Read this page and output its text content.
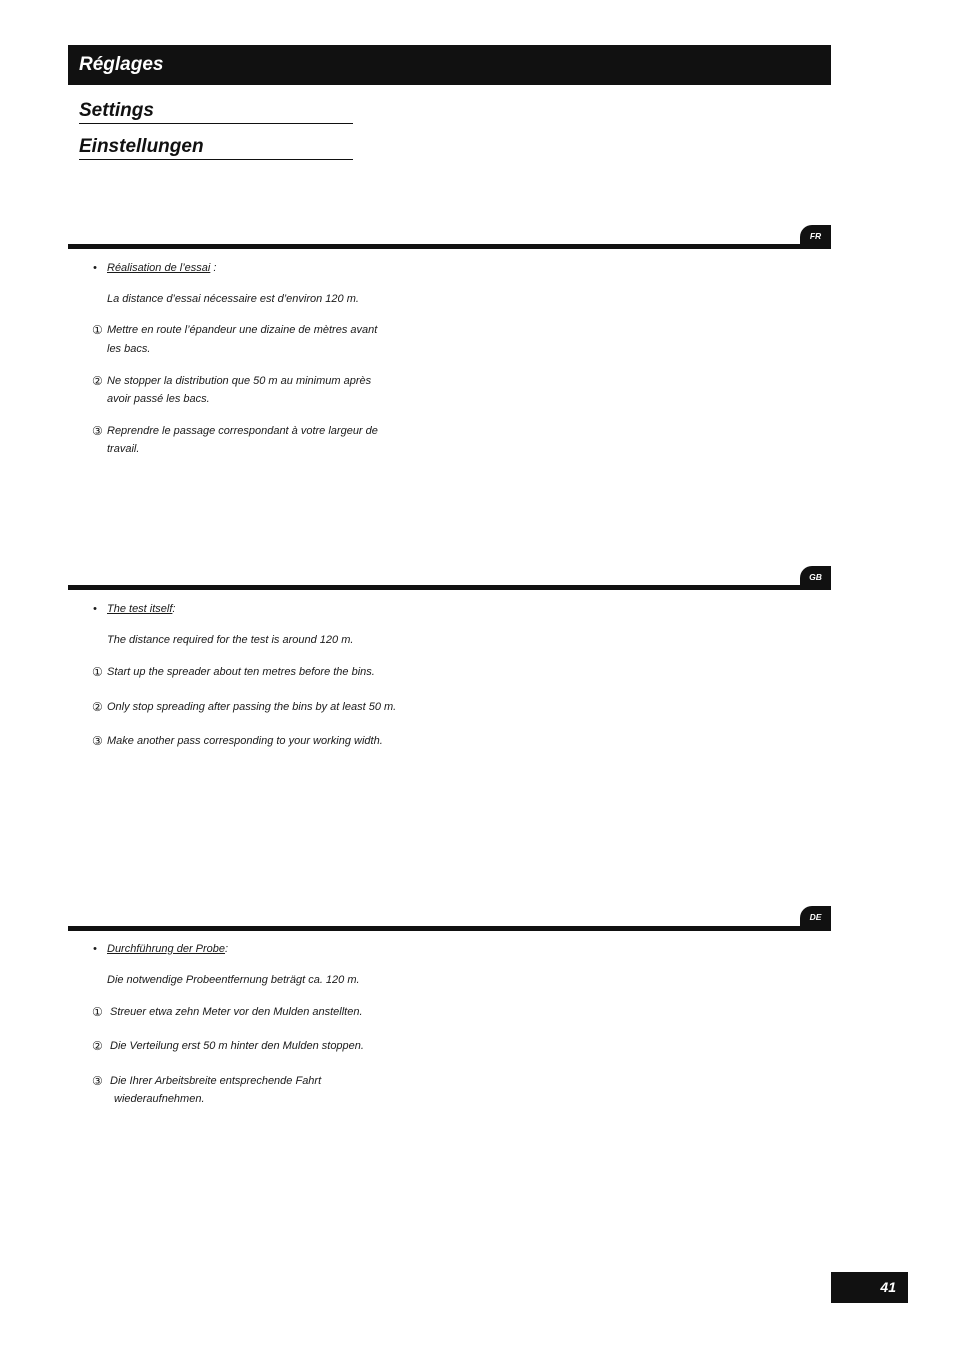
Réglages
Settings
Einstellungen
FR
• Réalisation de l’essai :
La distance d’essai nécessaire est d’environ 120 m.
① Mettre en route l’épandeur une dizaine de mètres avant
les bacs.
② Ne stopper la distribution que 50 m au minimum après
avoir passé les bacs.
③ Reprendre le passage correspondant à votre largeur de
travail.
GB
• The test itself:
The distance required for the test is around 120 m.
① Start up the spreader about ten metres before the bins.
② Only stop spreading after passing the bins by at least 50 m.
③ Make another pass corresponding to your working width.
DE
• Durchführung der Probe:
Die notwendige Probeentfernung beträgt ca. 120 m.
① Streuer etwa zehn Meter vor den Mulden anstellten.
② Die Verteilung erst 50 m hinter den Mulden stoppen.
③ Die Ihrer Arbeitsbreite entsprechende Fahrt
wiederaufnehmen.
41
